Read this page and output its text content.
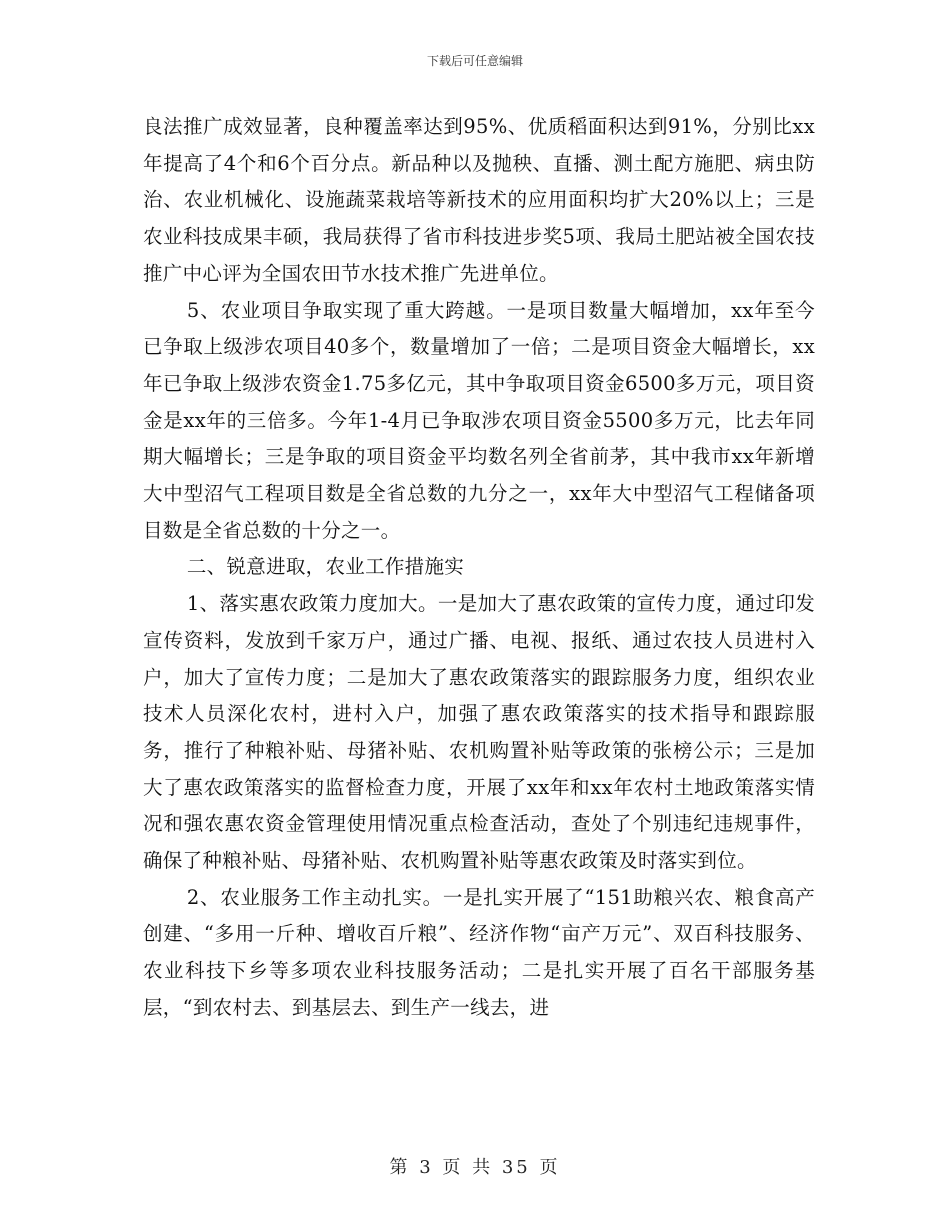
下载后可任意编辑

良法推广成效显著，良种覆盖率达到95%、优质稻面积达到91%，分别比xx年提高了4个和6个百分点。新品种以及抛秧、直播、测土配方施肥、病虫防治、农业机械化、设施蔬菜栽培等新技术的应用面积均扩大20%以上；三是农业科技成果丰硕，我局获得了省市科技进步奖5项、我局土肥站被全国农技推广中心评为全国农田节水技术推广先进单位。

5、农业项目争取实现了重大跨越。一是项目数量大幅增加，xx年至今已争取上级涉农项目40多个，数量增加了一倍；二是项目资金大幅增长，xx年已争取上级涉农资金1.75多亿元，其中争取项目资金6500多万元，项目资金是xx年的三倍多。今年1-4月已争取涉农项目资金5500多万元，比去年同期大幅增长；三是争取的项目资金平均数名列全省前茅，其中我市xx年新增大中型沼气工程项目数是全省总数的九分之一，xx年大中型沼气工程储备项目数是全省总数的十分之一。

二、锐意进取，农业工作措施实

1、落实惠农政策力度加大。一是加大了惠农政策的宣传力度，通过印发宣传资料，发放到千家万户，通过广播、电视、报纸、通过农技人员进村入户，加大了宣传力度；二是加大了惠农政策落实的跟踪服务力度，组织农业技术人员深化农村，进村入户，加强了惠农政策落实的技术指导和跟踪服务，推行了种粮补贴、母猪补贴、农机购置补贴等政策的张榜公示；三是加大了惠农政策落实的监督检查力度，开展了xx年和xx年农村土地政策落实情况和强农惠农资金管理使用情况重点检查活动，查处了个别违纪违规事件，确保了种粮补贴、母猪补贴、农机购置补贴等惠农政策及时落实到位。

2、农业服务工作主动扎实。一是扎实开展了“151助粮兴农、粮食高产创建、“多用一斤种、增收百斤粮”、经济作物“亩产万元”、双百科技服务、农业科技下乡等多项农业科技服务活动；二是扎实开展了百名干部服务基层，“到农村去、到基层去、到生产一线去，进

第 3 页 共 35 页
